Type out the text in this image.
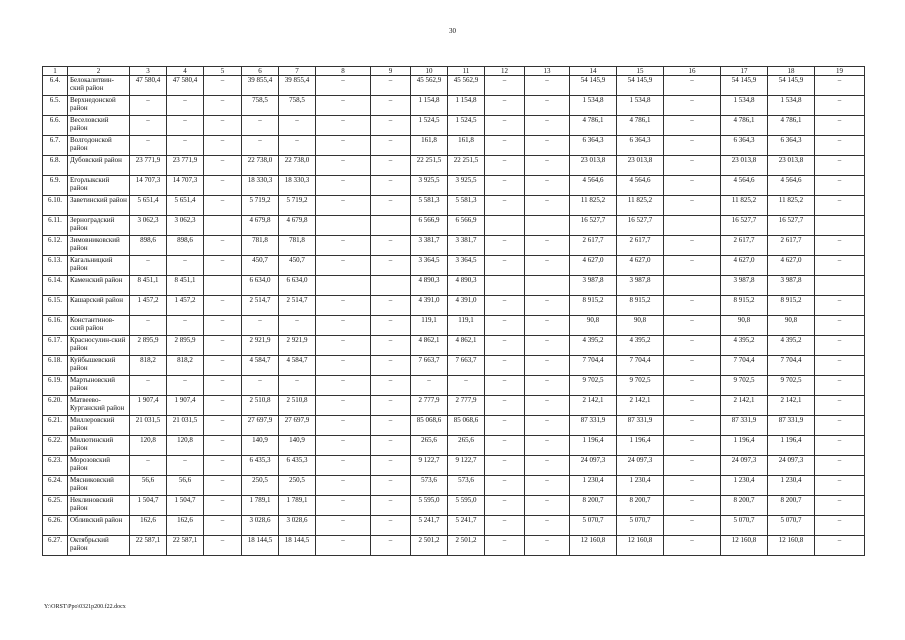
30
1	2	3	4	5	6	7	8	9	10	11	12	13	14	15	16	17	18	19
6.4.	Белокалитвин-ский район	47 580,4	47 580,4	–	39 855,4	39 855,4	–	–	45 562,9	45 562,9	–	–	54 145,9	54 145,9	–	54 145,9	54 145,9	–
6.5.	Верхнедонской район	–	–	–	758,5	758,5	–	–	1 154,8	1 154,8	–	–	1 534,8	1 534,8	–	1 534,8	1 534,8	–
6.6.	Веселовский район	–	–	–	–	–	–	–	1 524,5	1 524,5	–	–	4 786,1	4 786,1	–	4 786,1	4 786,1	–
6.7.	Волгодонской район	–	–	–	–	–	–	–	161,8	161,8	–	–	6 364,3	6 364,3	–	6 364,3	6 364,3	–
6.8.	Дубовский район	23 771,9	23 771,9	–	22 738,0	22 738,0	–	–	22 251,5	22 251,5	–	–	23 013,8	23 013,8	–	23 013,8	23 013,8	–
6.9.	Егорлыкский район	14 707,3	14 707,3	–	18 330,3	18 330,3	–	–	3 925,5	3 925,5	–	–	4 564,6	4 564,6	–	4 564,6	4 564,6	–
6.10.	Заветинский район	5 651,4	5 651,4	–	5 719,2	5 719,2	–	–	5 581,3	5 581,3	–	–	11 825,2	11 825,2	–	11 825,2	11 825,2	–
6.11.	Зерноградский район	3 062,3	3 062,3		4 679,8	4 679,8			6 566,9	6 566,9			16 527,7	16 527,7		16 527,7	16 527,7	
6.12.	Зимовниковский район	898,6	898,6	–	781,8	781,8	–	–	3 381,7	3 381,7	–	–	2 617,7	2 617,7	–	2 617,7	2 617,7	–
6.13.	Кагальницкий район	–	–	–	450,7	450,7	–	–	3 364,5	3 364,5	–	–	4 627,0	4 627,0	–	4 627,0	4 627,0	–
6.14.	Каменский район	8 451,1	8 451,1		6 634,0	6 634,0			4 890,3	4 890,3			3 987,8	3 987,8		3 987,8	3 987,8	
6.15.	Кашарский район	1 457,2	1 457,2	–	2 514,7	2 514,7	–	–	4 391,0	4 391,0	–	–	8 915,2	8 915,2	–	8 915,2	8 915,2	–
6.16.	Константинов-ский район	–	–	–	–	–	–	–	119,1	119,1	–	–	90,8	90,8	–	90,8	90,8	–
6.17.	Красносулин-ский район	2 895,9	2 895,9	–	2 921,9	2 921,9	–	–	4 862,1	4 862,1	–	–	4 395,2	4 395,2	–	4 395,2	4 395,2	–
6.18.	Куйбышевский район	818,2	818,2	–	4 584,7	4 584,7	–	–	7 663,7	7 663,7	–	–	7 704,4	7 704,4	–	7 704,4	7 704,4	–
6.19.	Мартыновский район	–	–	–	–	–	–	–	–	–	–	–	9 702,5	9 702,5	–	9 702,5	9 702,5	–
6.20.	Матвеево-Курганский район	1 907,4	1 907,4	–	2 510,8	2 510,8	–	–	2 777,9	2 777,9	–	–	2 142,1	2 142,1	–	2 142,1	2 142,1	–
6.21.	Миллеровский район	21 031,5	21 031,5	–	27 697,9	27 697,9	–	–	85 068,6	85 068,6	–	–	87 331,9	87 331,9	–	87 331,9	87 331,9	–
6.22.	Милютинский район	120,8	120,8	–	140,9	140,9	–	–	265,6	265,6	–	–	1 196,4	1 196,4	–	1 196,4	1 196,4	–
6.23.	Морозовский район	–	–	–	6 435,3	6 435,3	–	–	9 122,7	9 122,7	–	–	24 097,3	24 097,3	–	24 097,3	24 097,3	–
6.24.	Мясниковский район	56,6	56,6	–	250,5	250,5	–	–	573,6	573,6	–	–	1 230,4	1 230,4	–	1 230,4	1 230,4	–
6.25.	Неклиновский район	1 504,7	1 504,7	–	1 789,1	1 789,1	–	–	5 595,0	5 595,0	–	–	8 200,7	8 200,7	–	8 200,7	8 200,7	–
6.26.	Обливский район	162,6	162,6	–	3 028,6	3 028,6	–	–	5 241,7	5 241,7	–	–	5 070,7	5 070,7	–	5 070,7	5 070,7	–
6.27.	Октябрьский район	22 587,1	22 587,1	–	18 144,5	18 144,5	–	–	2 501,2	2 501,2	–	–	12 160,8	12 160,8	–	12 160,8	12 160,8	–
Y:\ORST\Ppo\0321p200.f22.docx
